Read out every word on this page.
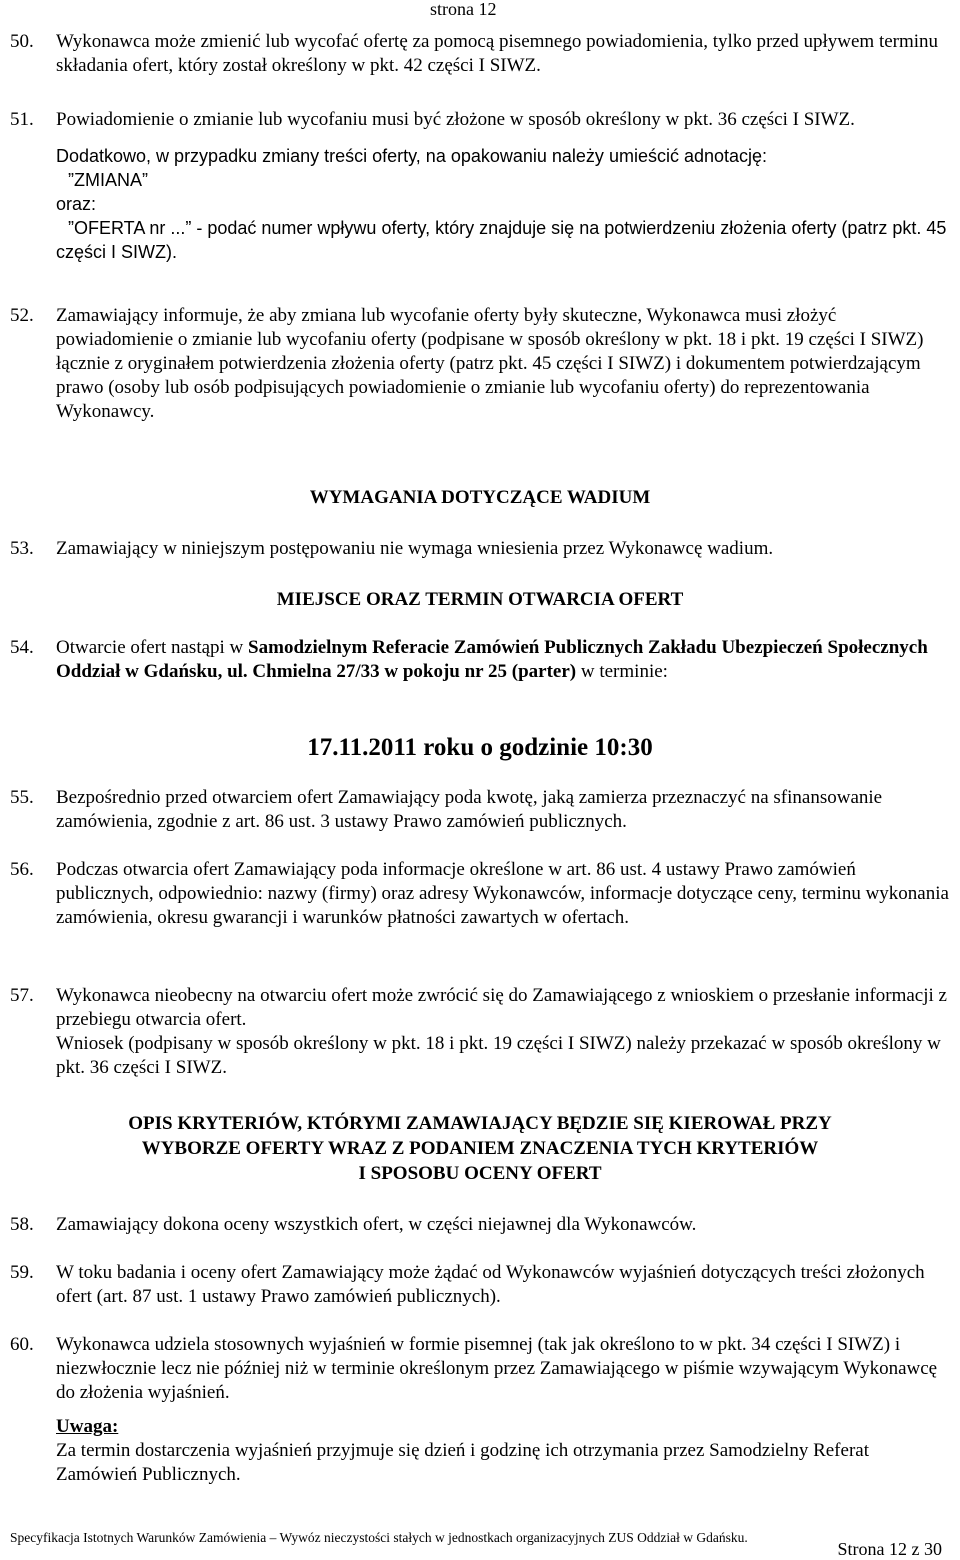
strona 12
50.	Wykonawca może zmienić lub wycofać ofertę za pomocą pisemnego powiadomienia, tylko przed upływem terminu składania ofert, który został określony w pkt. 42 części I SIWZ.

51.	Powiadomienie o zmianie lub wycofaniu musi być złożone w sposób określony w pkt. 36 części I SIWZ.

Dodatkowo, w przypadku zmiany treści oferty, na opakowaniu należy umieścić adnotację:
”ZMIANA”
oraz:
”OFERTA nr ...” - podać numer wpływu oferty, który znajduje się na potwierdzeniu złożenia oferty (patrz pkt. 45 części I SIWZ).
52.	Zamawiający informuje, że aby zmiana lub wycofanie oferty były skuteczne, Wykonawca musi złożyć powiadomienie o zmianie lub wycofaniu oferty (podpisane w sposób określony w pkt. 18 i pkt. 19 części I SIWZ) łącznie z oryginałem potwierdzenia złożenia oferty (patrz pkt. 45 części I SIWZ) i dokumentem potwierdzającym prawo (osoby lub osób podpisujących powiadomienie o zmianie lub wycofaniu oferty) do reprezentowania Wykonawcy.

WYMAGANIA DOTYCZĄCE WADIUM
53.	Zamawiający w niniejszym postępowaniu nie wymaga wniesienia przez Wykonawcę wadium.

MIEJSCE ORAZ TERMIN OTWARCIA OFERT
54.	Otwarcie ofert nastąpi w Samodzielnym Referacie Zamówień Publicznych Zakładu Ubezpieczeń Społecznych Oddział w Gdańsku, ul. Chmielna 27/33 w pokoju nr 25 (parter) w terminie:

17.11.2011 roku o godzinie 10:30
55.	Bezpośrednio przed otwarciem ofert Zamawiający poda kwotę, jaką zamierza przeznaczyć na sfinansowanie zamówienia, zgodnie z art. 86 ust. 3 ustawy Prawo zamówień publicznych.

56.	Podczas otwarcia ofert Zamawiający poda informacje określone w art. 86 ust. 4 ustawy Prawo zamówień publicznych, odpowiednio: nazwy (firmy) oraz adresy Wykonawców, informacje dotyczące ceny, terminu wykonania zamówienia, okresu gwarancji i warunków płatności zawartych w ofertach.

57.	Wykonawca nieobecny na otwarciu ofert może zwrócić się do Zamawiającego z wnioskiem o przesłanie informacji z przebiegu otwarcia ofert.

Wniosek (podpisany w sposób określony w pkt. 18 i pkt. 19 części I SIWZ) należy przekazać w sposób określony w pkt. 36 części I SIWZ.

OPIS KRYTERIÓW, KTÓRYMI ZAMAWIAJĄCY BĘDZIE SIĘ KIEROWAŁ PRZY
WYBORZE OFERTY WRAZ Z PODANIEM ZNACZENIA TYCH KRYTERIÓW
I SPOSOBU OCENY OFERT
58.	Zamawiający dokona oceny wszystkich ofert, w części niejawnej dla Wykonawców.

59.	W toku badania i oceny ofert Zamawiający może żądać od Wykonawców wyjaśnień dotyczących treści złożonych ofert (art. 87 ust. 1 ustawy Prawo zamówień publicznych).

60.	Wykonawca udziela stosownych wyjaśnień w formie pisemnej (tak jak określono to w pkt. 34 części I SIWZ) i niezwłocznie lecz nie później niż w terminie określonym przez Zamawiającego w piśmie wzywającym Wykonawcę do złożenia wyjaśnień.

Uwaga:

Za termin dostarczenia wyjaśnień przyjmuje się dzień i godzinę ich otrzymania przez Samodzielny Referat Zamówień Publicznych.

Specyfikacja Istotnych Warunków Zamówienia – Wywóz nieczystości stałych w jednostkach organizacyjnych ZUS Oddział w Gdańsku.
Strona 12 z 30
